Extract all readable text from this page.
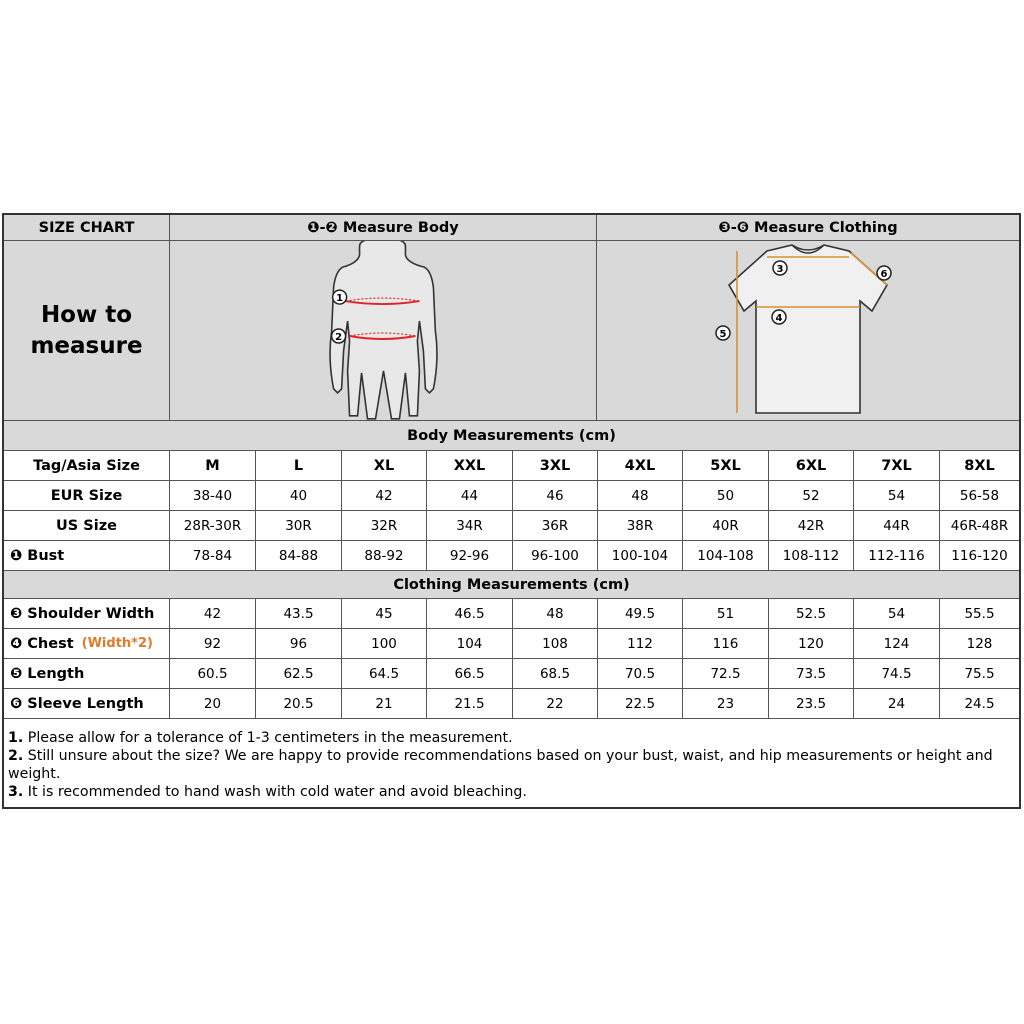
SIZE CHART	❶-❷ Measure Body	❸-❻ Measure Clothing
How to
measure
1
2
3
4
5
6
Body Measurements (cm)
Tag/Asia Size	M	L	XL	XXL	3XL	4XL	5XL	6XL	7XL	8XL
EUR Size	38-40	40	42	44	46	48	50	52	54	56-58
US Size	28R-30R	30R	32R	34R	36R	38R	40R	42R	44R	46R-48R
❶ Bust	78-84	84-88	88-92	92-96	96-100	100-104	104-108	108-112	112-116	116-120
Clothing Measurements (cm)
❸ Shoulder Width	42	43.5	45	46.5	48	49.5	51	52.5	54	55.5
❹ Chest (Width*2)	92	96	100	104	108	112	116	120	124	128
❺ Length	60.5	62.5	64.5	66.5	68.5	70.5	72.5	73.5	74.5	75.5
❻ Sleeve Length	20	20.5	21	21.5	22	22.5	23	23.5	24	24.5

1. Please allow for a tolerance of 1-3 centimeters in the measurement.

2. Still unsure about the size? We are happy to provide recommendations based on your bust, waist, and hip measurements or height and weight.

3. It is recommended to hand wash with cold water and avoid bleaching.
